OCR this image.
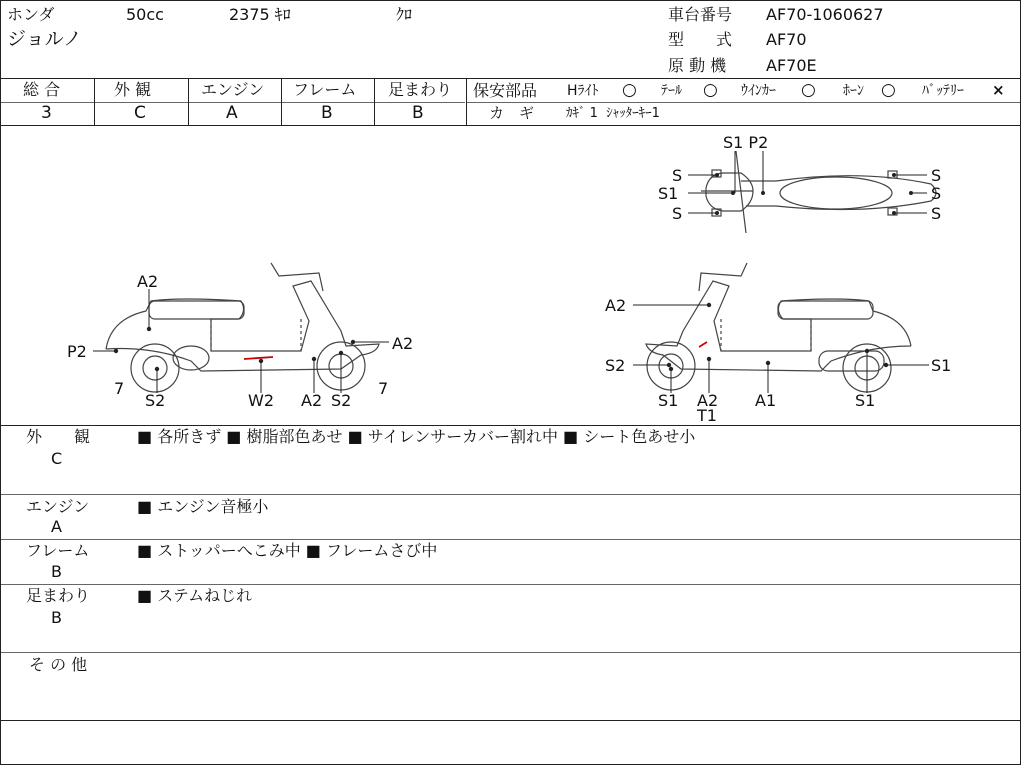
ホンダ	50cc	2375 ｷﾛ	ｸﾛ
ジョルノ
車台番号 AF70-1060627
型　　式 AF70
原 動 機 AF70E
総 合
3
外 観
C
エンジン
A
フレーム
B
足まわり
B
保安部品 Hﾗｲﾄ ○ ﾃｰﾙ ○ ｳｲﾝｶｰ ○ ﾎｰﾝ ○ ﾊﾞｯﾃﾘｰ ×
カ　ギ ｶｷﾞ 1  ｼｬｯﾀｰｷｰ1
S1 P2
S
S1
S
S
S
S
A2
P2
7
S2	W2 A2 S2
7
A2
A2
S2
S1 A2
T1
A1	S1
S1
外　　観
C
■ 各所きず ■ 樹脂部色あせ ■ サイレンサーカバー割れ中 ■ シート色あせ小
エンジン
A
■ エンジン音極小
フレーム
B
■ ストッパーへこみ中 ■ フレームさび中
足まわり
B
■ ステムねじれ
そ の 他
